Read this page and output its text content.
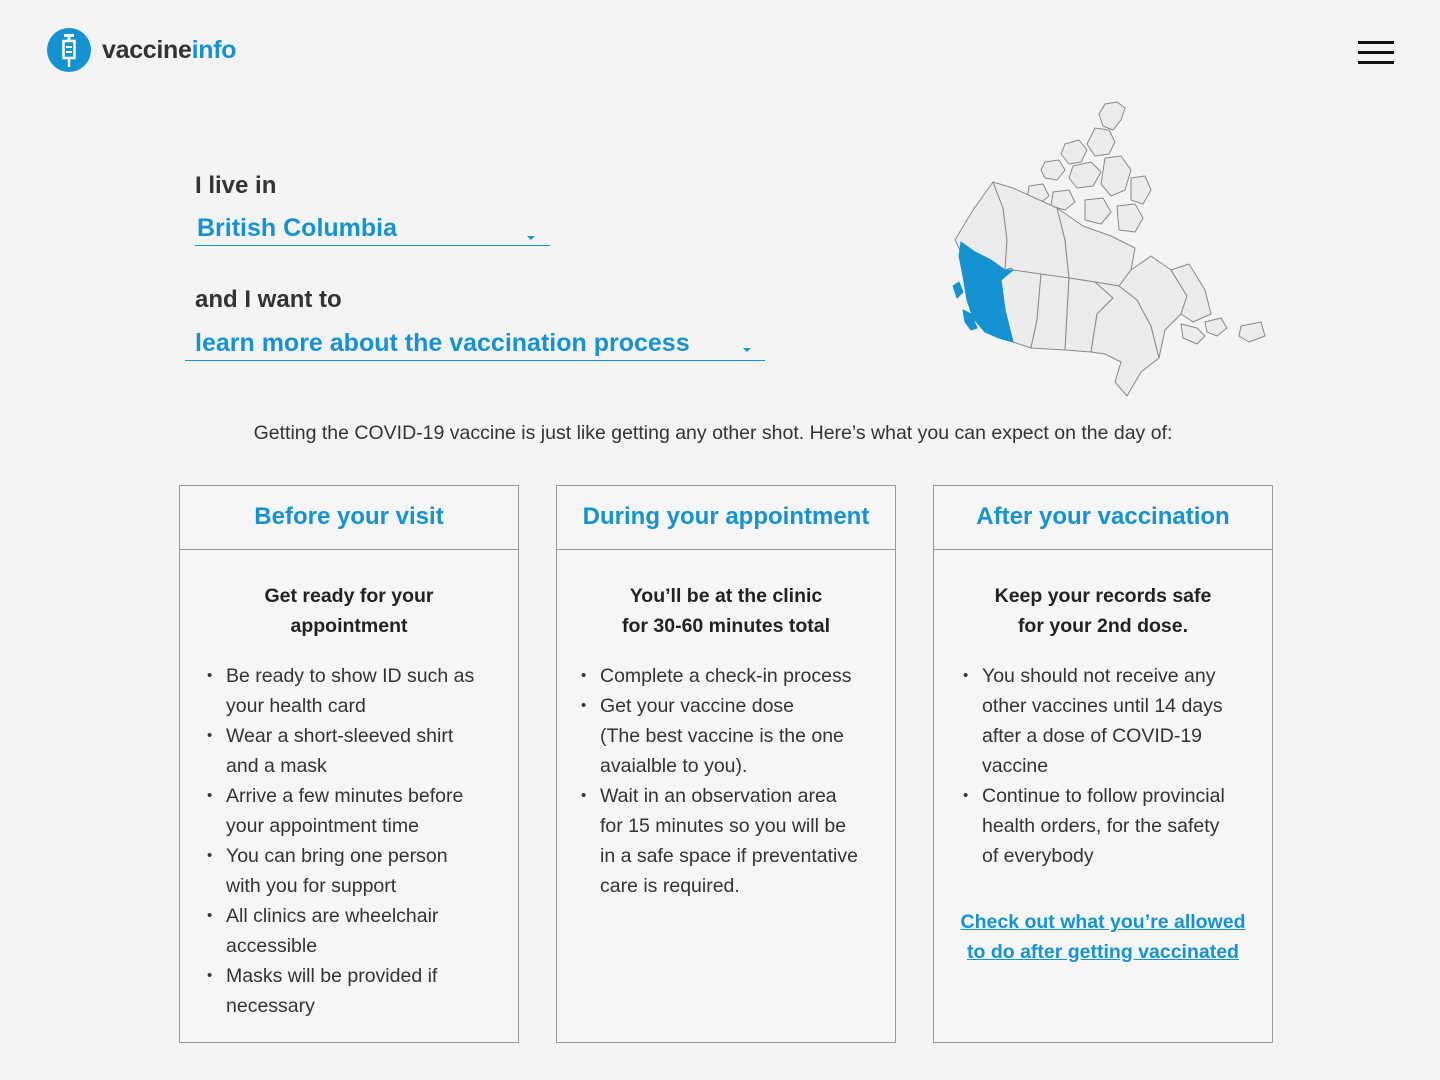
vaccineinfo
I live in
British Columbia
and I want to
learn more about the vaccination process
Getting the COVID-19 vaccine is just like getting any other shot. Here’s what you can expect on the day of:
Before your visit
Get ready for your
appointment
• Be ready to show ID such as
your health card
• Wear a short-sleeved shirt
and a mask
• Arrive a few minutes before
your appointment time
• You can bring one person
with you for support
• All clinics are wheelchair
accessible
• Masks will be provided if
necessary
During your appointment
You’ll be at the clinic
for 30-60 minutes total
• Complete a check-in process
• Get your vaccine dose
(The best vaccine is the one
avaialble to you).
• Wait in an observation area
for 15 minutes so you will be
in a safe space if preventative
care is required.
After your vaccination
Keep your records safe
for your 2nd dose.
• You should not receive any
other vaccines until 14 days
after a dose of COVID-19
vaccine
• Continue to follow provincial
health orders, for the safety
of everybody
Check out what you’re allowed
to do after getting vaccinated
